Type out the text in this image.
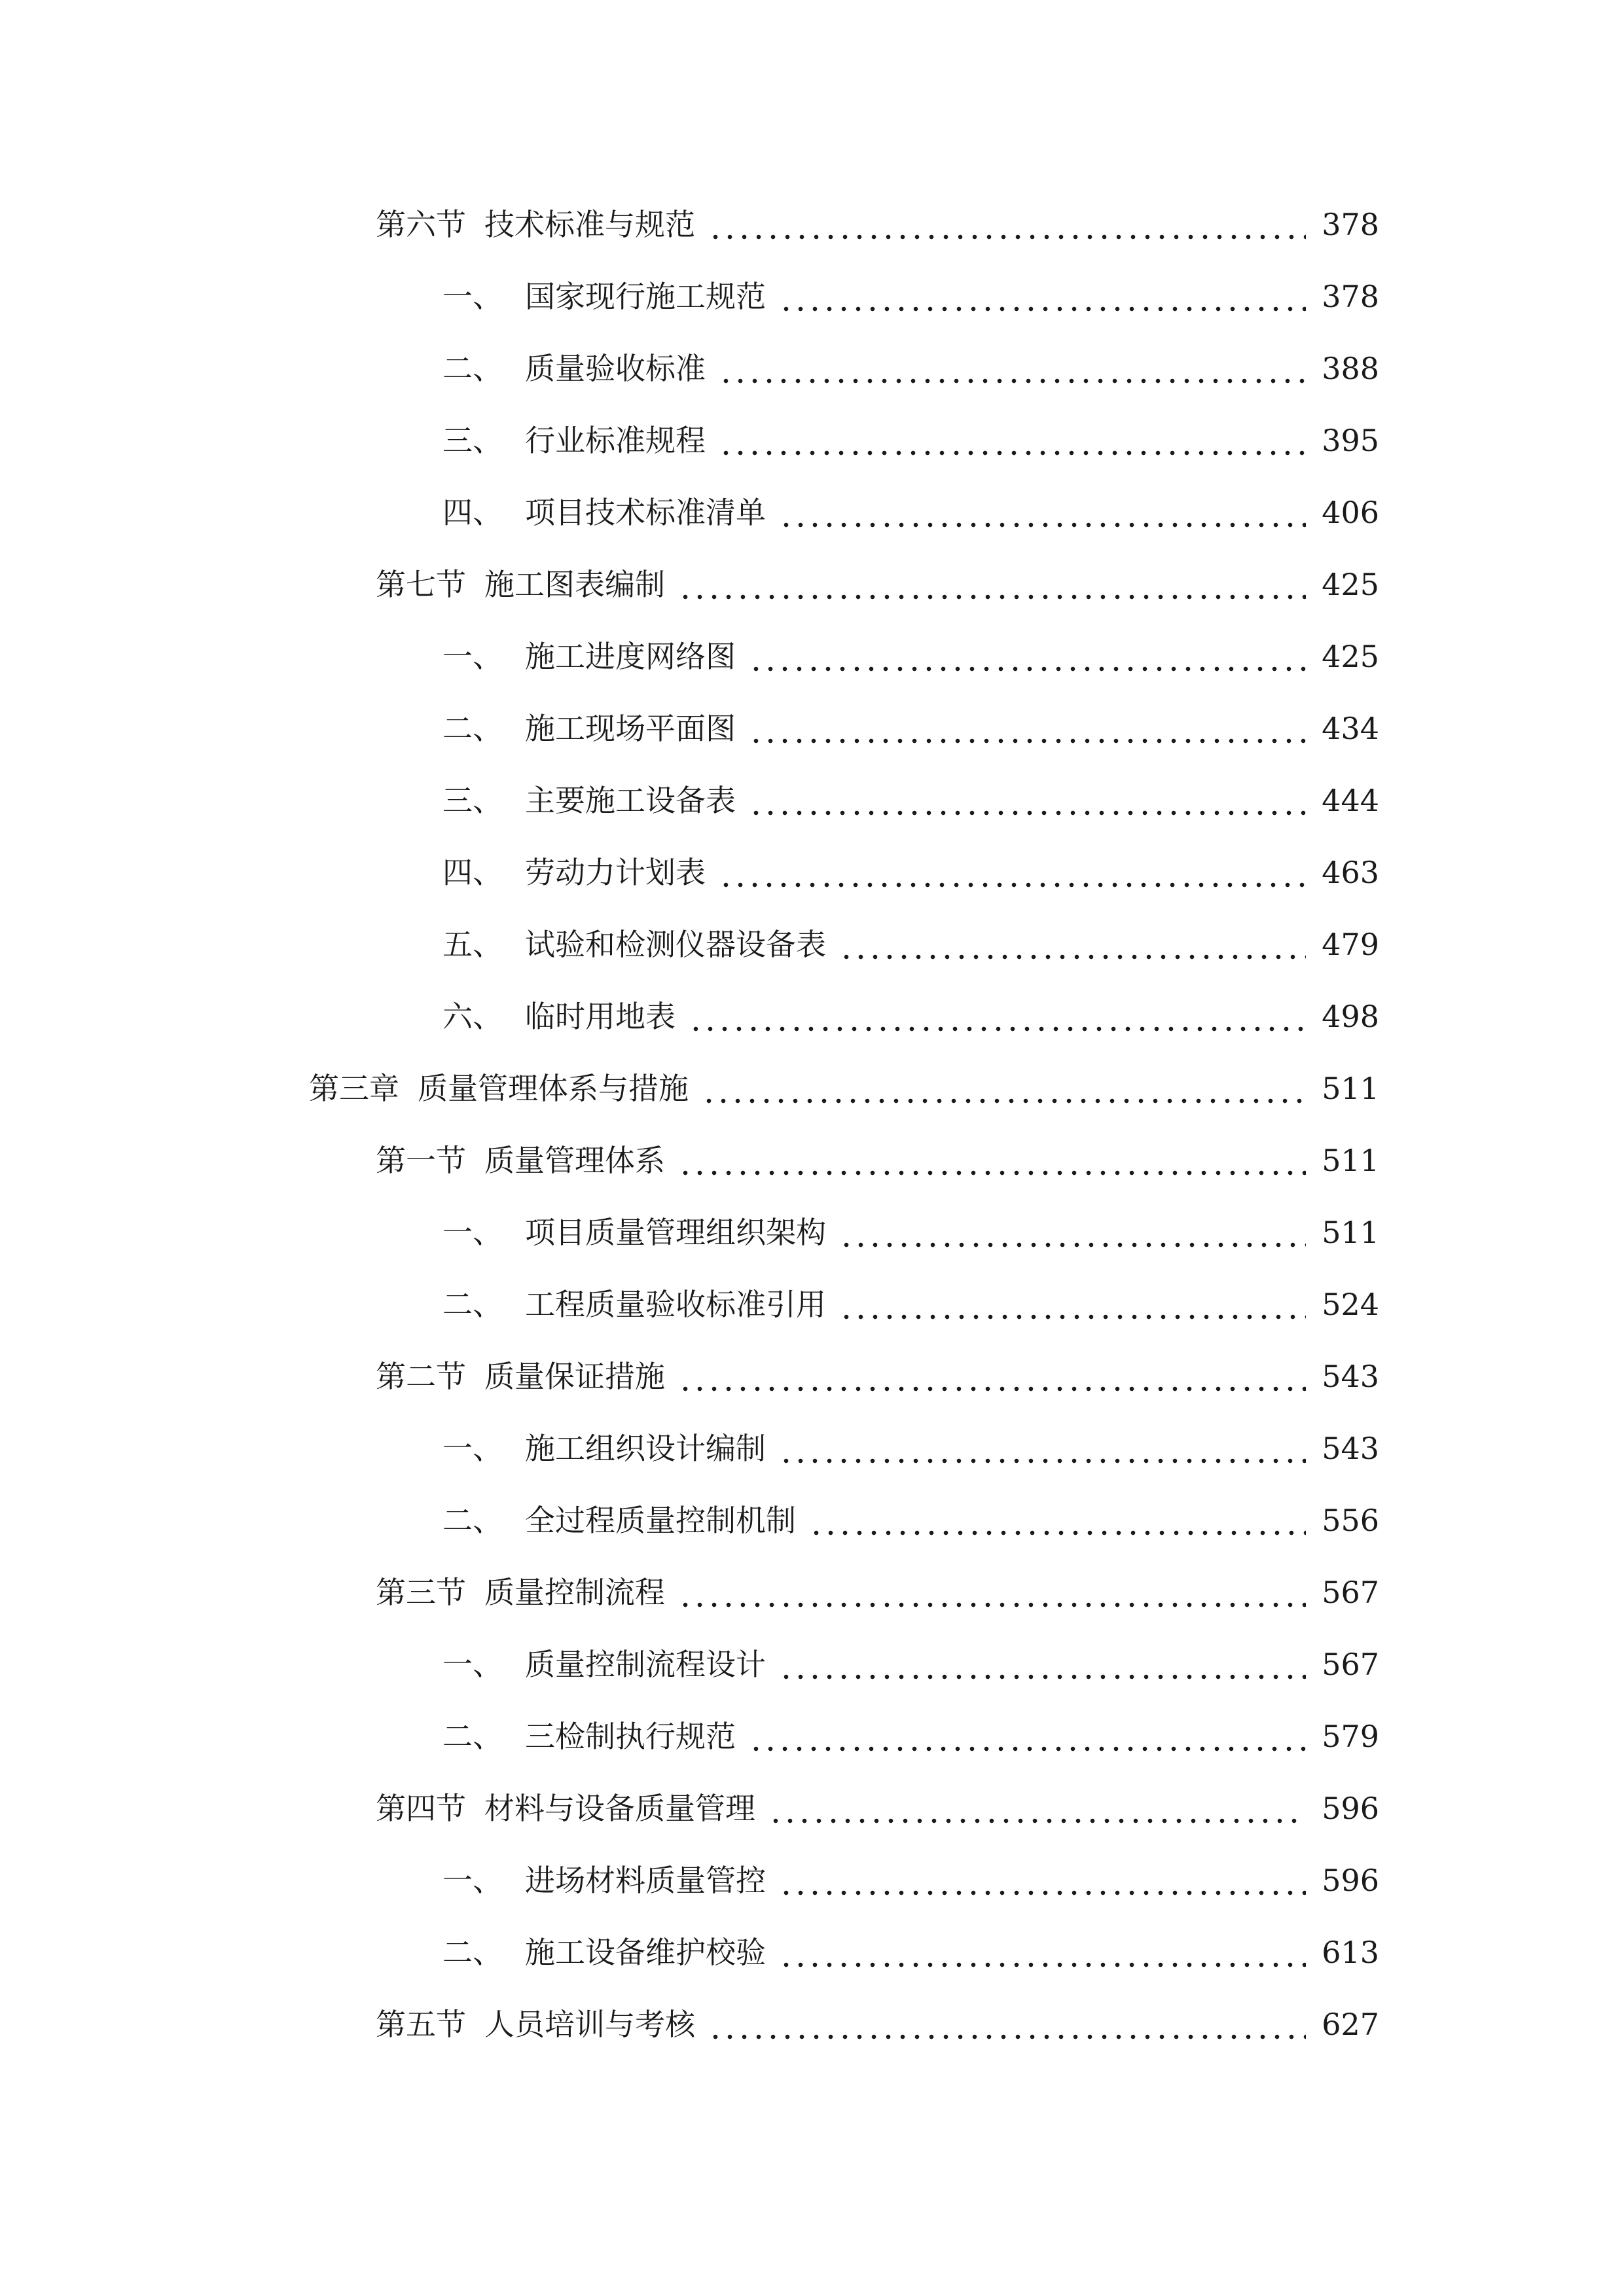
第六节 技术标准与规范	378
一、 国家现行施工规范	378
二、 质量验收标准	388
三、 行业标准规程	395
四、 项目技术标准清单	406
第七节 施工图表编制	425
一、 施工进度网络图	425
二、 施工现场平面图	434
三、 主要施工设备表	444
四、 劳动力计划表	463
五、 试验和检测仪器设备表	479
六、 临时用地表	498
第三章 质量管理体系与措施	511
第一节 质量管理体系	511
一、 项目质量管理组织架构	511
二、 工程质量验收标准引用	524
第二节 质量保证措施	543
一、 施工组织设计编制	543
二、 全过程质量控制机制	556
第三节 质量控制流程	567
一、 质量控制流程设计	567
二、 三检制执行规范	579
第四节 材料与设备质量管理	596
一、 进场材料质量管控	596
二、 施工设备维护校验	613
第五节 人员培训与考核	627
